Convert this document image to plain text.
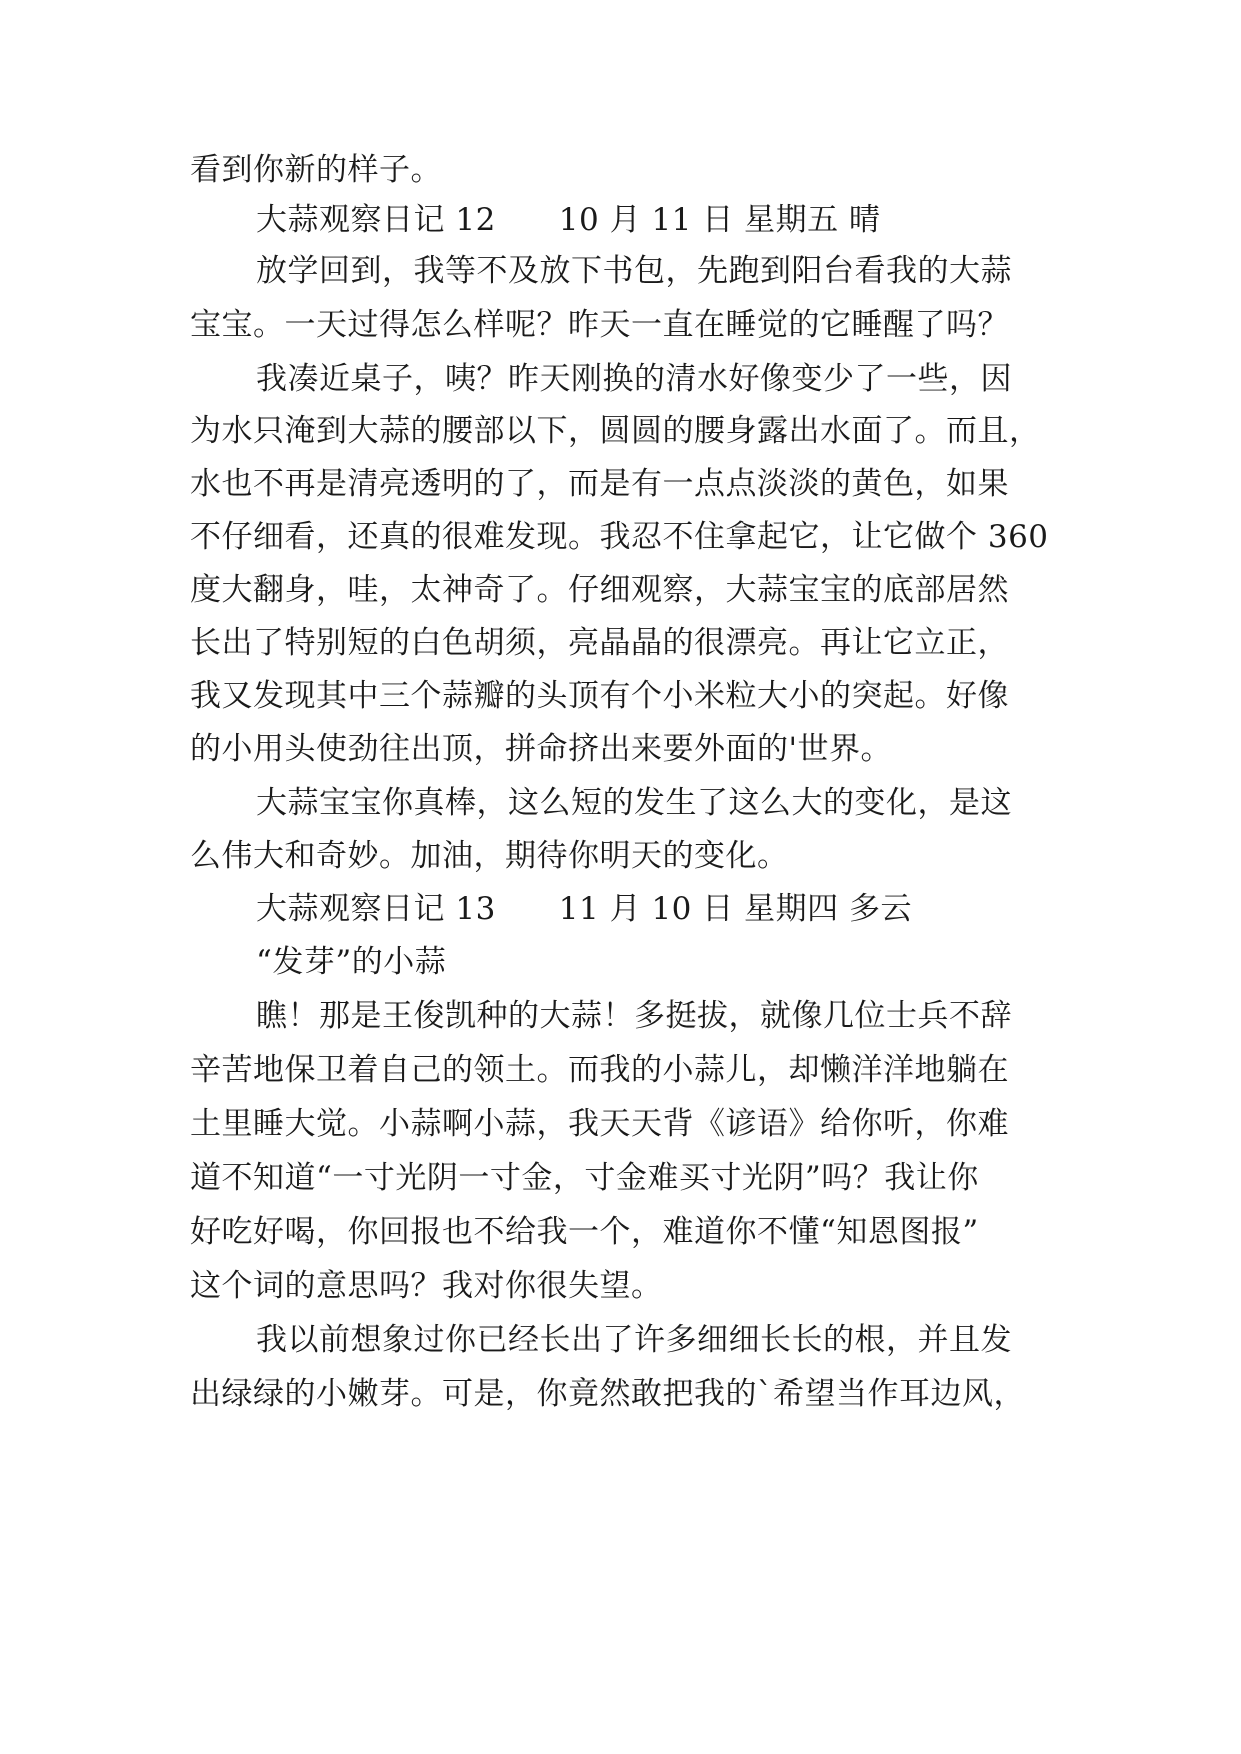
看到你新的样子。
大蒜观察日记 12　　10 月 11 日 星期五 晴
放学回到，我等不及放下书包，先跑到阳台看我的大蒜
宝宝。一天过得怎么样呢？昨天一直在睡觉的它睡醒了吗？
我凑近桌子，咦？昨天刚换的清水好像变少了一些，因
为水只淹到大蒜的腰部以下，圆圆的腰身露出水面了。而且，
水也不再是清亮透明的了，而是有一点点淡淡的黄色，如果
不仔细看，还真的很难发现。我忍不住拿起它，让它做个 360
度大翻身，哇，太神奇了。仔细观察，大蒜宝宝的底部居然
长出了特别短的白色胡须，亮晶晶的很漂亮。再让它立正，
我又发现其中三个蒜瓣的头顶有个小米粒大小的突起。好像
的小用头使劲往出顶，拼命挤出来要外面的'世界。
大蒜宝宝你真棒，这么短的发生了这么大的变化，是这
么伟大和奇妙。加油，期待你明天的变化。
大蒜观察日记 13　　11 月 10 日 星期四 多云
“发芽”的小蒜
瞧！那是王俊凯种的大蒜！多挺拔，就像几位士兵不辞
辛苦地保卫着自己的领土。而我的小蒜儿，却懒洋洋地躺在
土里睡大觉。小蒜啊小蒜，我天天背《谚语》给你听，你难
道不知道“一寸光阴一寸金，寸金难买寸光阴”吗？我让你
好吃好喝，你回报也不给我一个，难道你不懂“知恩图报”
这个词的意思吗？我对你很失望。
我以前想象过你已经长出了许多细细长长的根，并且发
出绿绿的小嫩芽。可是，你竟然敢把我的`希望当作耳边风，
